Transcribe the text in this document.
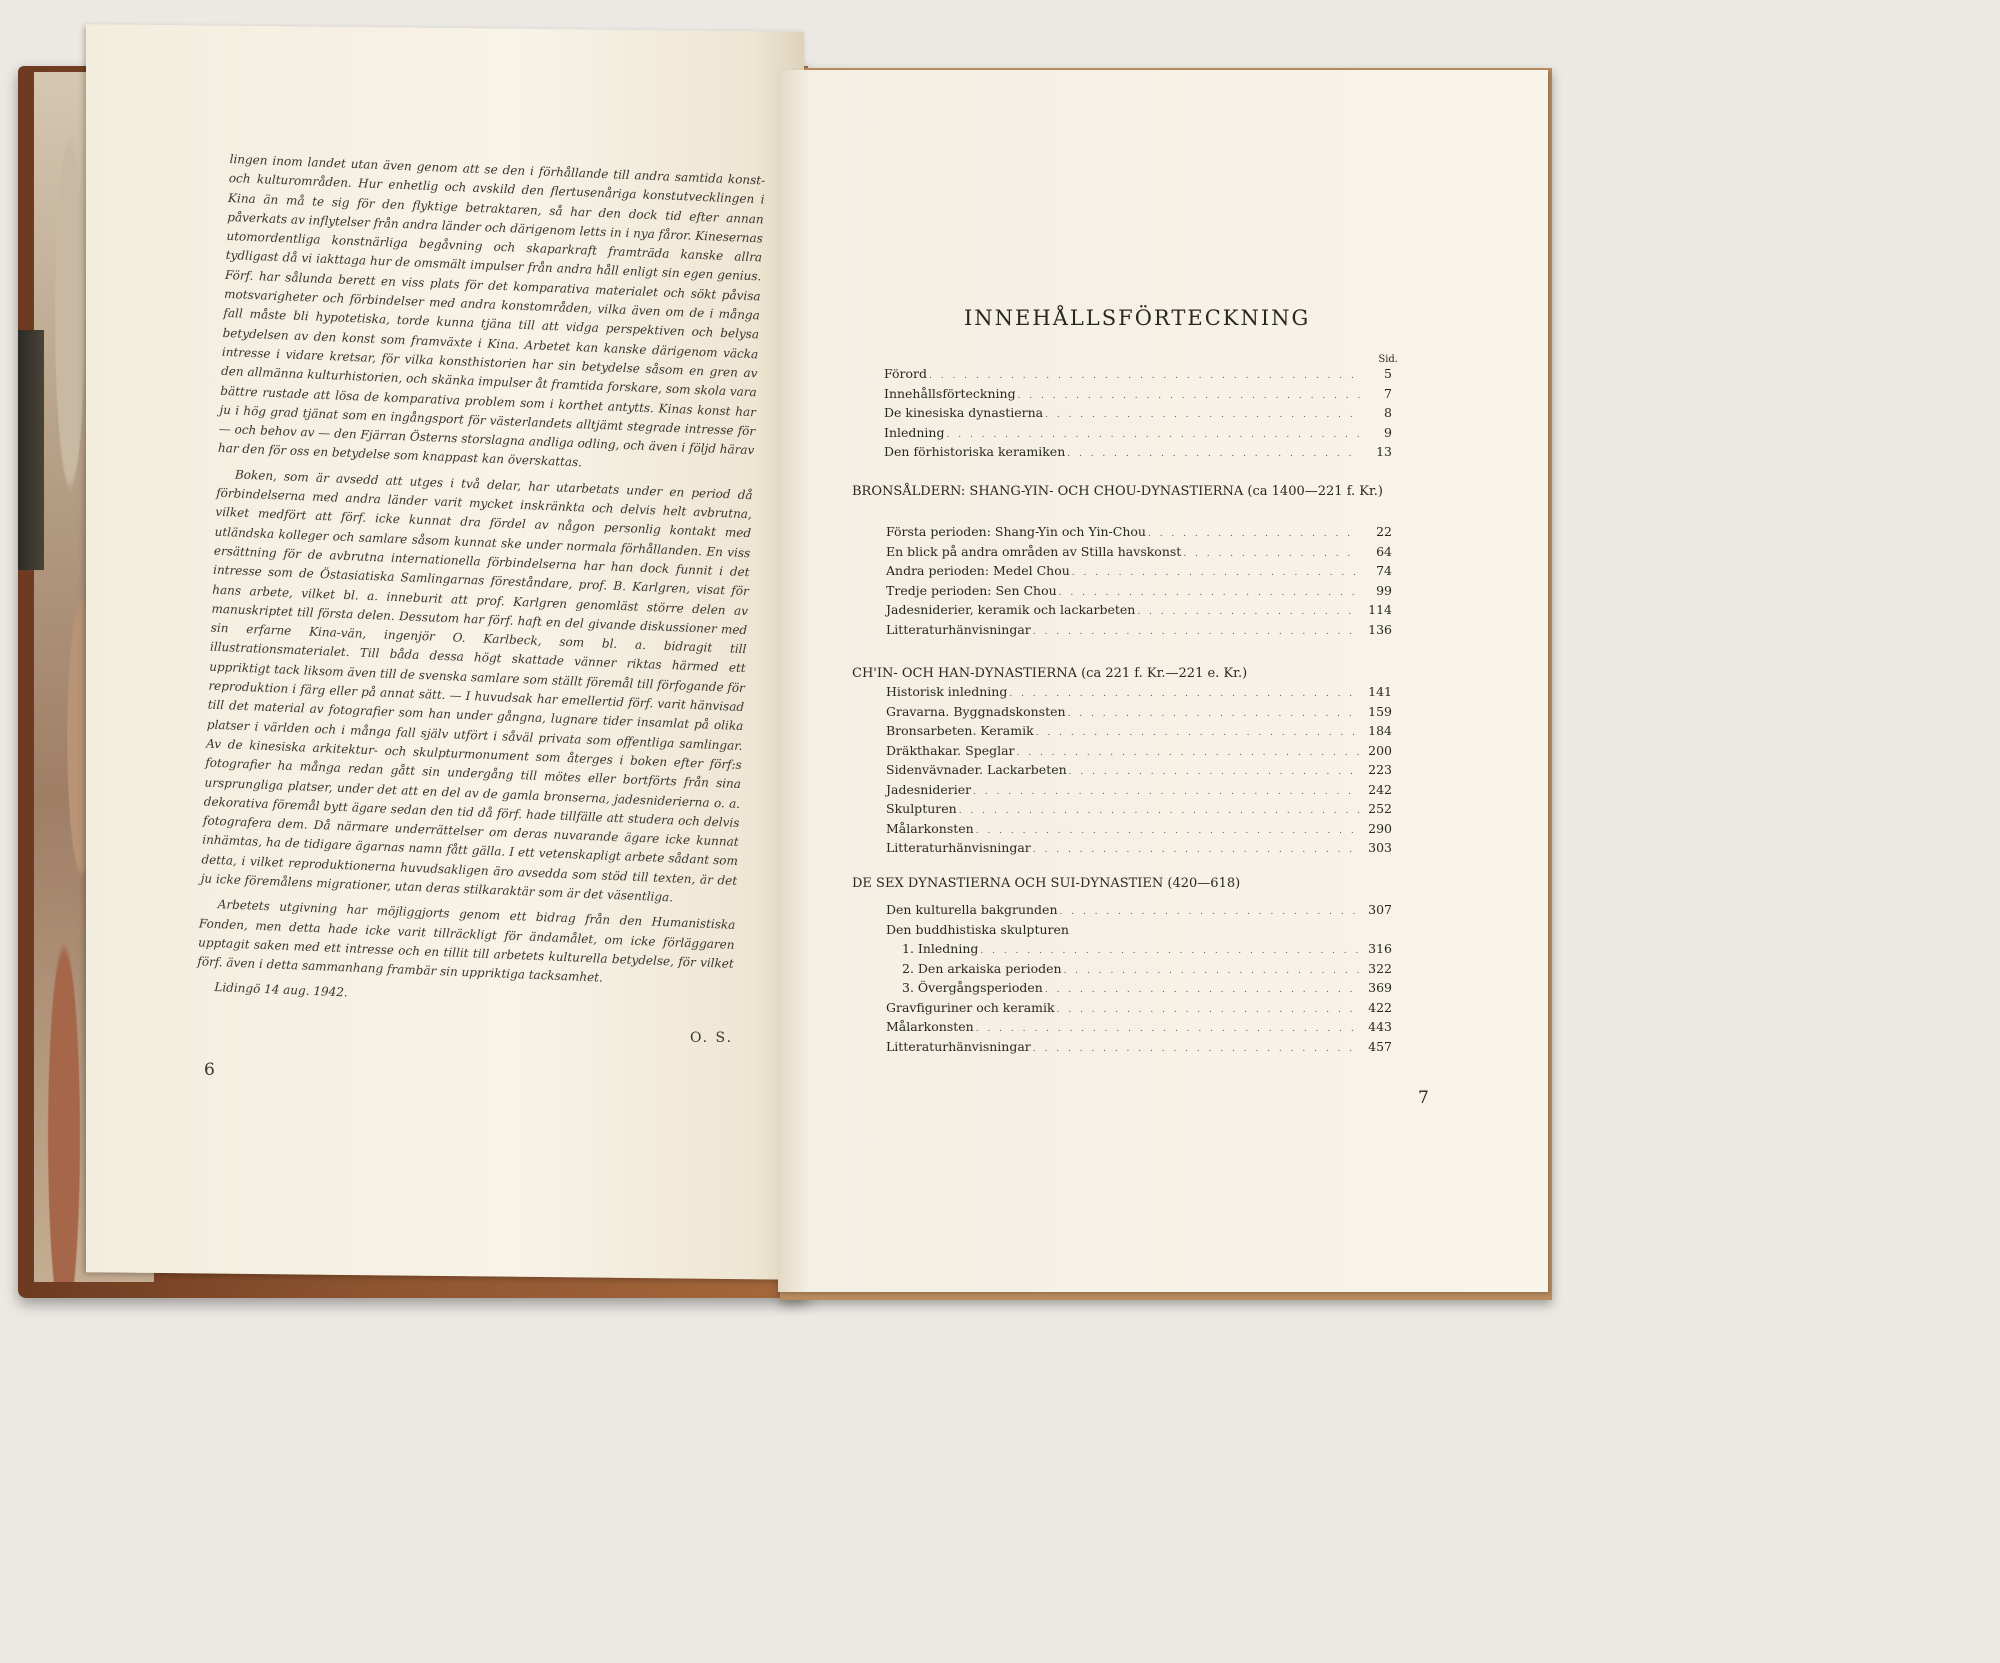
lingen inom landet utan även genom att se den i förhållande till andra samtida konst- och kulturområden. Hur enhetlig och avskild den flertusenåriga konstutvecklingen i Kina än må te sig för den flyktige betraktaren, så har den dock tid efter annan påverkats av inflytelser från andra länder och därigenom letts in i nya fåror. Kinesernas utomordentliga konstnärliga begåvning och skaparkraft framträda kanske allra tydligast då vi iakttaga hur de omsmält impulser från andra håll enligt sin egen genius. Förf. har sålunda berett en viss plats för det komparativa materialet och sökt påvisa motsvarigheter och förbindelser med andra konstområden, vilka även om de i många fall måste bli hypotetiska, torde kunna tjäna till att vidga perspektiven och belysa betydelsen av den konst som framväxte i Kina. Arbetet kan kanske därigenom väcka intresse i vidare kretsar, för vilka konsthistorien har sin betydelse såsom en gren av den allmänna kulturhistorien, och skänka impulser åt framtida forskare, som skola vara bättre rustade att lösa de komparativa problem som i korthet antytts. Kinas konst har ju i hög grad tjänat som en ingångsport för västerlandets alltjämt stegrade intresse för — och behov av — den Fjärran Österns storslagna andliga odling, och även i följd härav har den för oss en betydelse som knappast kan överskattas.

Boken, som är avsedd att utges i två delar, har utarbetats under en period då förbindelserna med andra länder varit mycket inskränkta och delvis helt avbrutna, vilket medfört att förf. icke kunnat dra fördel av någon personlig kontakt med utländska kolleger och samlare såsom kunnat ske under normala förhållanden. En viss ersättning för de avbrutna internationella förbindelserna har han dock funnit i det intresse som de Östasiatiska Samlingarnas föreståndare, prof. B. Karlgren, visat för hans arbete, vilket bl. a. inneburit att prof. Karlgren genomläst större delen av manuskriptet till första delen. Dessutom har förf. haft en del givande diskussioner med sin erfarne Kina-vän, ingenjör O. Karlbeck, som bl. a. bidragit till illustrationsmaterialet. Till båda dessa högt skattade vänner riktas härmed ett uppriktigt tack liksom även till de svenska samlare som ställt föremål till förfogande för reproduktion i färg eller på annat sätt. — I huvudsak har emellertid förf. varit hänvisad till det material av fotografier som han under gångna, lugnare tider insamlat på olika platser i världen och i många fall själv utfört i såväl privata som offentliga samlingar. Av de kinesiska arkitektur- och skulpturmonument som återges i boken efter förf:s fotografier ha många redan gått sin undergång till mötes eller bortförts från sina ursprungliga platser, under det att en del av de gamla bronserna, jadesniderierna o. a. dekorativa föremål bytt ägare sedan den tid då förf. hade tillfälle att studera och delvis fotografera dem. Då närmare underrättelser om deras nuvarande ägare icke kunnat inhämtas, ha de tidigare ägarnas namn fått gälla. I ett vetenskapligt arbete sådant som detta, i vilket reproduktionerna huvudsakligen äro avsedda som stöd till texten, är det ju icke föremålens migrationer, utan deras stilkaraktär som är det väsentliga.

Arbetets utgivning har möjliggjorts genom ett bidrag från den Humanistiska Fonden, men detta hade icke varit tillräckligt för ändamålet, om icke förläggaren upptagit saken med ett intresse och en tillit till arbetets kulturella betydelse, för vilket förf. även i detta sammanhang frambär sin uppriktiga tacksamhet.

Lidingö 14 aug. 1942.

O. S.
6
INNEHÅLLSFÖRTECKNING
Sid.
Förord . . .	5
Innehållsförteckning . . .	7
De kinesiska dynastierna . . .	8
Inledning . . .	9
Den förhistoriska keramiken . . .	13
BRONSÅLDERN: SHANG-YIN- OCH CHOU-DYNASTIERNA (ca 1400—221 f. Kr.)
Första perioden: Shang-Yin och Yin-Chou . . .	22
En blick på andra områden av Stilla havskonst . . .	64
Andra perioden: Medel Chou . . .	74
Tredje perioden: Sen Chou . . .	99
Jadesniderier, keramik och lackarbeten . . .	114
Litteraturhänvisningar . . .	136
CH'IN- OCH HAN-DYNASTIERNA (ca 221 f. Kr.—221 e. Kr.)
Historisk inledning . . .	141
Gravarna. Byggnadskonsten . . .	159
Bronsarbeten. Keramik . . .	184
Dräkthakar. Speglar . . .	200
Sidenvävnader. Lackarbeten . . .	223
Jadesniderier . . .	242
Skulpturen . . .	252
Målarkonsten . . .	290
Litteraturhänvisningar . . .	303
DE SEX DYNASTIERNA OCH SUI-DYNASTIEN (420—618)
Den kulturella bakgrunden . . .	307
Den buddhistiska skulpturen
1. Inledning . . .	316
2. Den arkaiska perioden . . .	322
3. Övergångsperioden . . .	369
Gravfiguriner och keramik . . .	422
Målarkonsten . . .	443
Litteraturhänvisningar . . .	457
7
